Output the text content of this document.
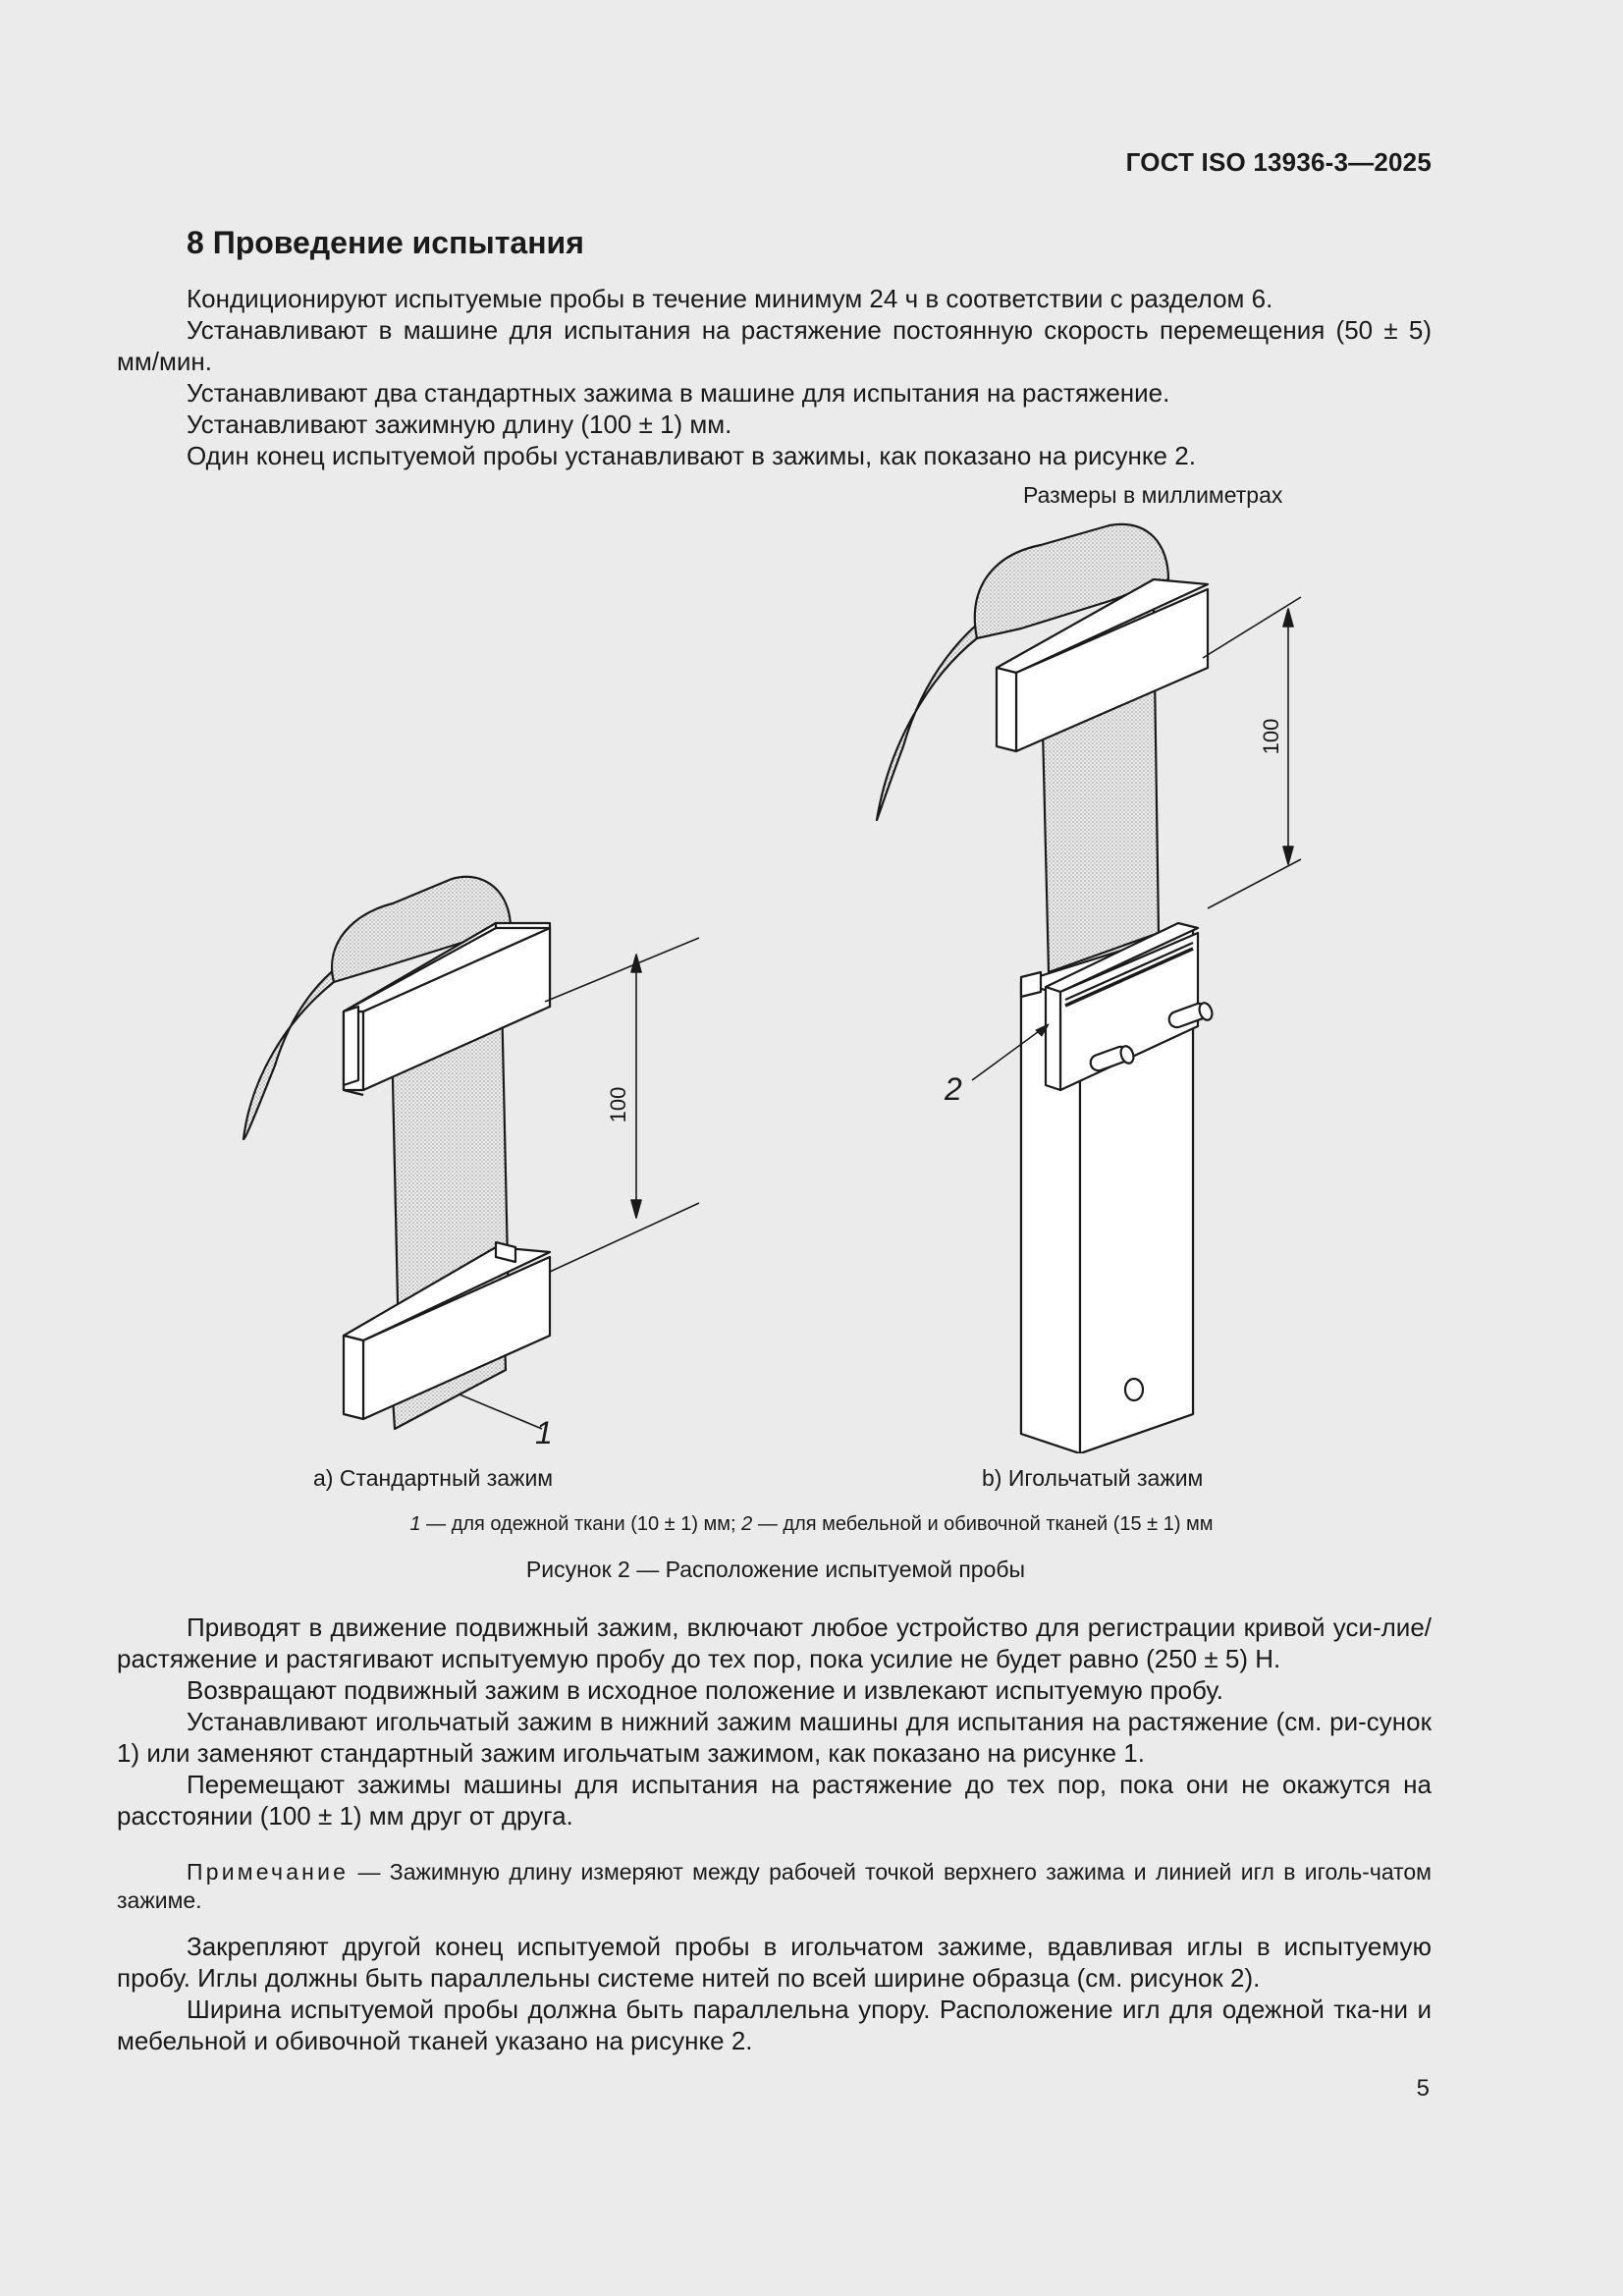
ГОСТ ISO 13936-3—2025
8 Проведение испытания

Кондиционируют испытуемые пробы в течение минимум 24 ч в соответствии с разделом 6.

Устанавливают в машине для испытания на растяжение постоянную скорость перемещения (50 ± 5) мм/мин.

Устанавливают два стандартных зажима в машине для испытания на растяжение.

Устанавливают зажимную длину (100 ± 1) мм.

Один конец испытуемой пробы устанавливают в зажимы, как показано на рисунке 2.

Размеры в миллиметрах
100
1
100
2
a) Стандартный зажим	b) Игольчатый зажим
1 — для одежной ткани (10 ± 1) мм; 2 — для мебельной и обивочной тканей (15 ± 1) мм
Рисунок 2 — Расположение испытуемой пробы

Приводят в движение подвижный зажим, включают любое устройство для регистрации кривой уси-лие/растяжение и растягивают испытуемую пробу до тех пор, пока усилие не будет равно (250 ± 5) Н.

Возвращают подвижный зажим в исходное положение и извлекают испытуемую пробу.

Устанавливают игольчатый зажим в нижний зажим машины для испытания на растяжение (см. ри-сунок 1) или заменяют стандартный зажим игольчатым зажимом, как показано на рисунке 1.

Перемещают зажимы машины для испытания на растяжение до тех пор, пока они не окажутся на расстоянии (100 ± 1) мм друг от друга.

Примечание — Зажимную длину измеряют между рабочей точкой верхнего зажима и линией игл в иголь-чатом зажиме.

Закрепляют другой конец испытуемой пробы в игольчатом зажиме, вдавливая иглы в испытуемую пробу. Иглы должны быть параллельны системе нитей по всей ширине образца (см. рисунок 2).

Ширина испытуемой пробы должна быть параллельна упору. Расположение игл для одежной тка-ни и мебельной и обивочной тканей указано на рисунке 2.

5
